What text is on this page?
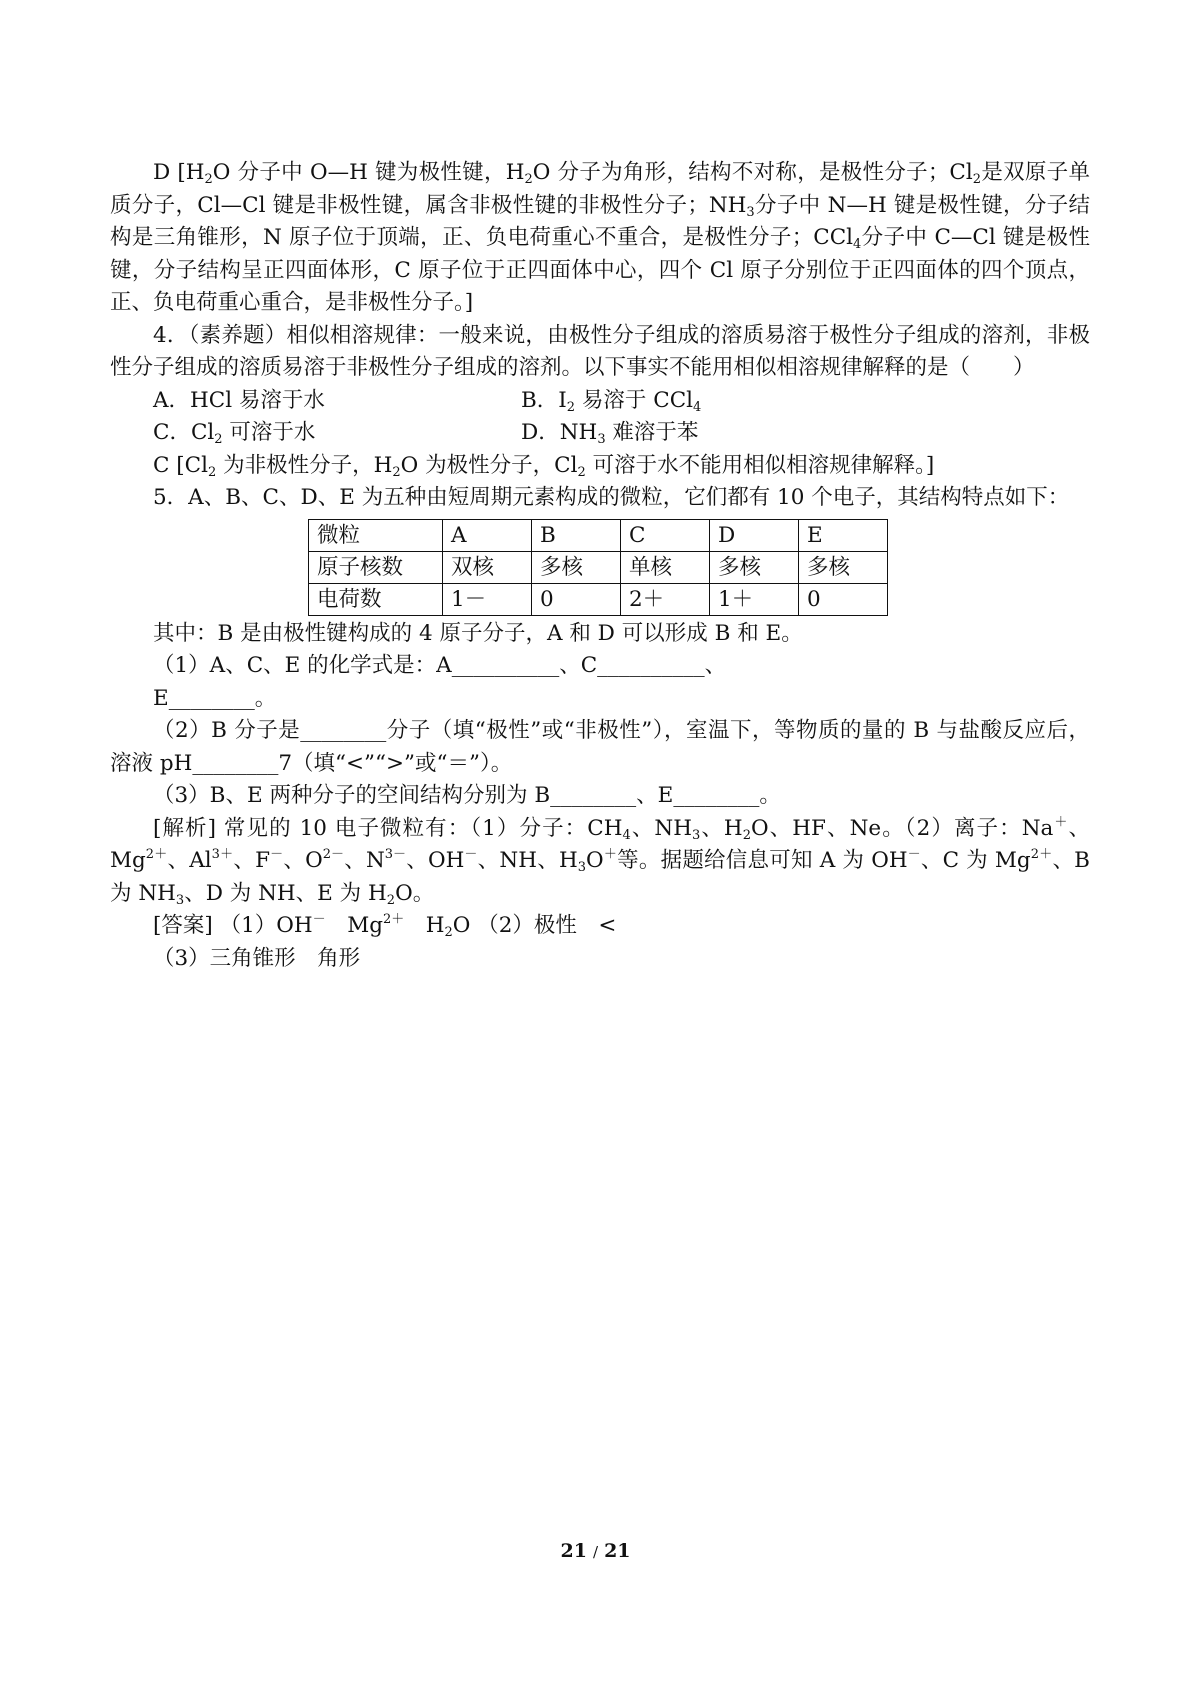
D [$H_2O$ 分子中 O—H 键为极性键，$H_2O$ 分子为角形，结构不对称，是极性分子；$Cl_2$是双原子单质分子，Cl—Cl 键是非极性键，属含非极性键的非极性分子；$NH_3$分子中 N—H 键是极性键，分子结构是三角锥形，N 原子位于顶端，正、负电荷重心不重合，是极性分子；CCl$_4$分子中 C—Cl 键是极性键，分子结构呈正四面体形，C 原子位于正四面体中心，四个 Cl 原子分别位于正四面体的四个顶点，正、负电荷重心重合，是非极性分子。]

4．（素养题）相似相溶规律：一般来说，由极性分子组成的溶质易溶于极性分子组成的溶剂，非极性分子组成的溶质易溶于非极性分子组成的溶剂。以下事实不能用相似相溶规律解释的是（　　）

A．HCl 易溶于水	B．$I_2$ 易溶于 CCl$_4$

C．$Cl_2$ 可溶于水	D．$NH_3$ 难溶于苯

C [$Cl_2$ 为非极性分子，$H_2O$ 为极性分子，$Cl_2$ 可溶于水不能用相似相溶规律解释。]

5．A、B、C、D、E 为五种由短周期元素构成的微粒，它们都有 10 个电子，其结构特点如下：

微粒	A	B	C	D	E
原子核数	双核	多核	单核	多核	多核
电荷数	1－	0	2＋	1＋	0

其中：B 是由极性键构成的 4 原子分子，A 和 D 可以形成 B 和 E。

（1）A、C、E 的化学式是：A__________、C__________、

E________。

（2）B 分子是________分子（填“极性”或“非极性”），室温下，等物质的量的 B 与盐酸反应后，溶液 pH________7（填“<”“>”或“＝”）。

（3）B、E 两种分子的空间结构分别为 B________、E________。

[解析] 常见的 10 电子微粒有：（1）分子：$CH_4$、$NH_3$、$H_2O$、HF、Ne。（2）离子：Na＋、$Mg^{2+}$、$Al^{3+}$、F－、$O^{2-}$、$N^{3-}$、OH－、NH、$H_3O^+$等。据题给信息可知 A 为 OH－、C 为 $Mg^{2+}$、B 为 $NH_3$、D 为 NH、E 为 $H_2O$。

[答案] （1）OH－　$Mg^{2+}$　$H_2O$ （2）极性　<

（3）三角锥形　角形

21 / 21
